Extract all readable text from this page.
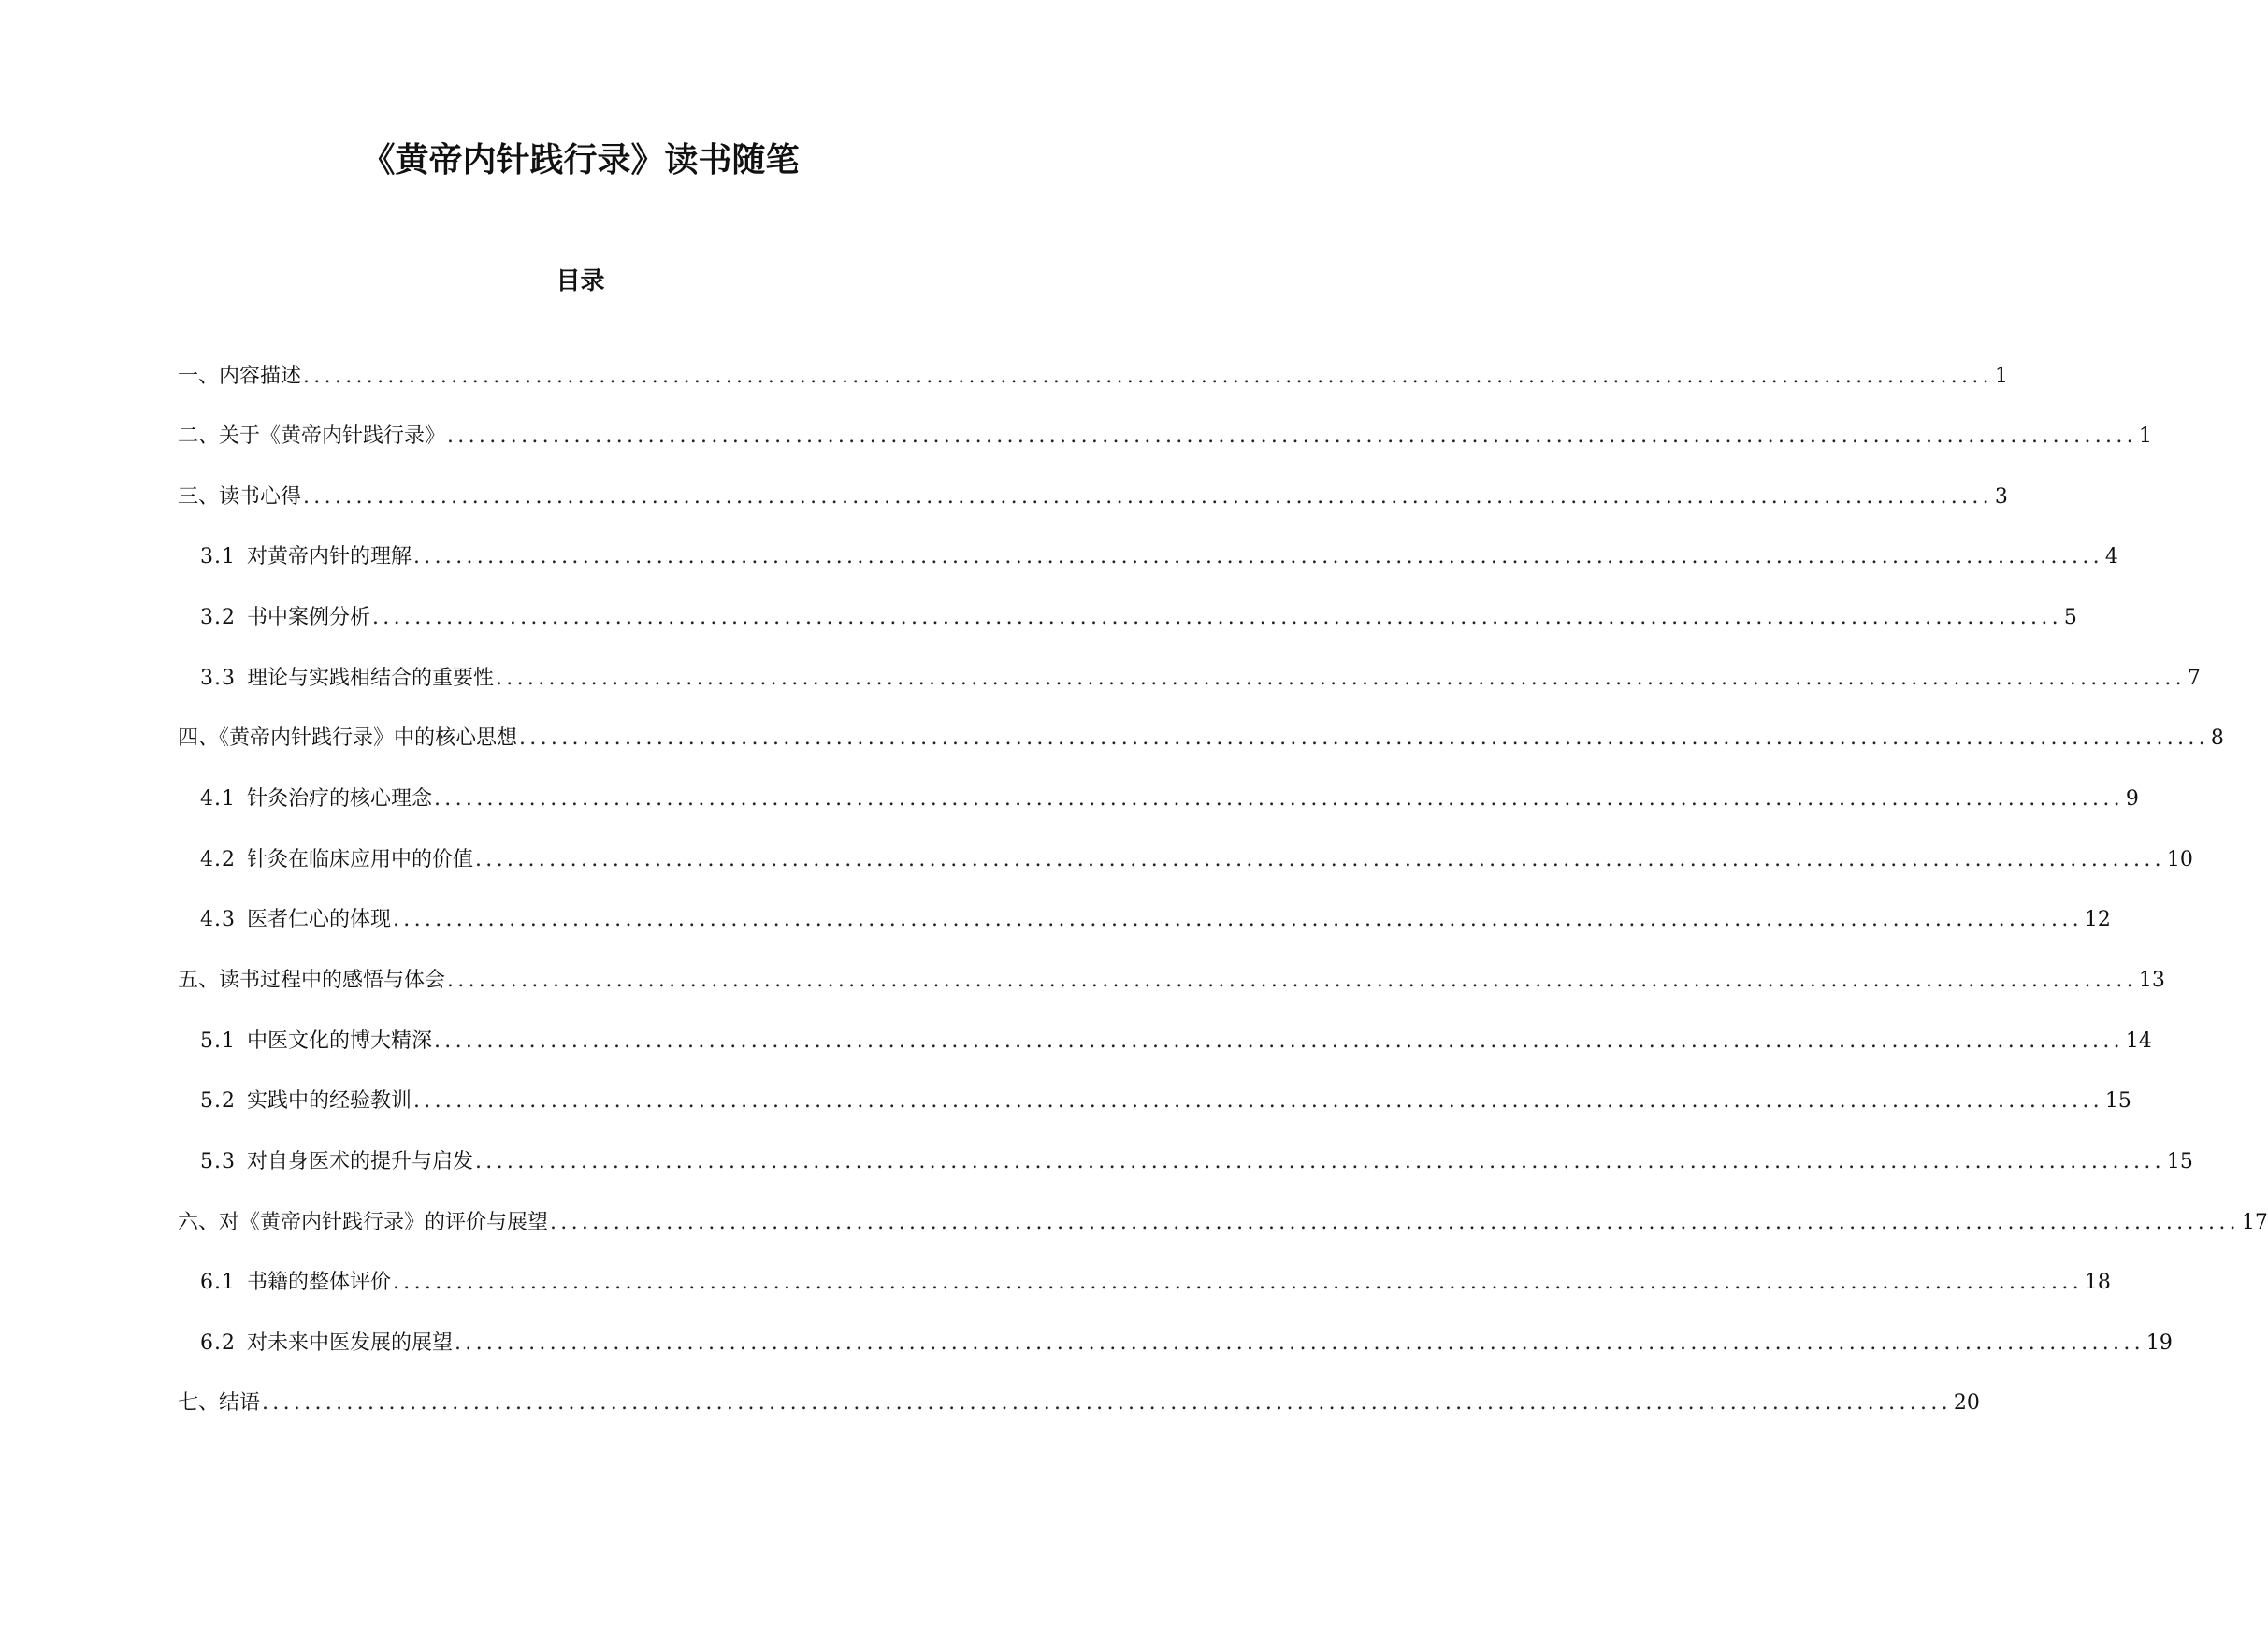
《黄帝内针践行录》读书随笔
目录
一、内容描述 ................................................................................................................................................................ 1
二、关于《黄帝内针践行录》 ................................................................................................................................................................ 1
三、读书心得 ................................................................................................................................................................ 3
3.1 对黄帝内针的理解 ................................................................................................................................................................ 4
3.2 书中案例分析 ................................................................................................................................................................ 5
3.3 理论与实践相结合的重要性 ................................................................................................................................................................ 7
四、《黄帝内针践行录》中的核心思想 ................................................................................................................................................................ 8
4.1 针灸治疗的核心理念 ................................................................................................................................................................ 9
4.2 针灸在临床应用中的价值 ................................................................................................................................................................ 10
4.3 医者仁心的体现 ................................................................................................................................................................ 12
五、读书过程中的感悟与体会 ................................................................................................................................................................ 13
5.1 中医文化的博大精深 ................................................................................................................................................................ 14
5.2 实践中的经验教训 ................................................................................................................................................................ 15
5.3 对自身医术的提升与启发 ................................................................................................................................................................ 15
六、对《黄帝内针践行录》的评价与展望 ................................................................................................................................................................ 17
6.1 书籍的整体评价 ................................................................................................................................................................ 18
6.2 对未来中医发展的展望 ................................................................................................................................................................ 19
七、结语 ................................................................................................................................................................ 20
